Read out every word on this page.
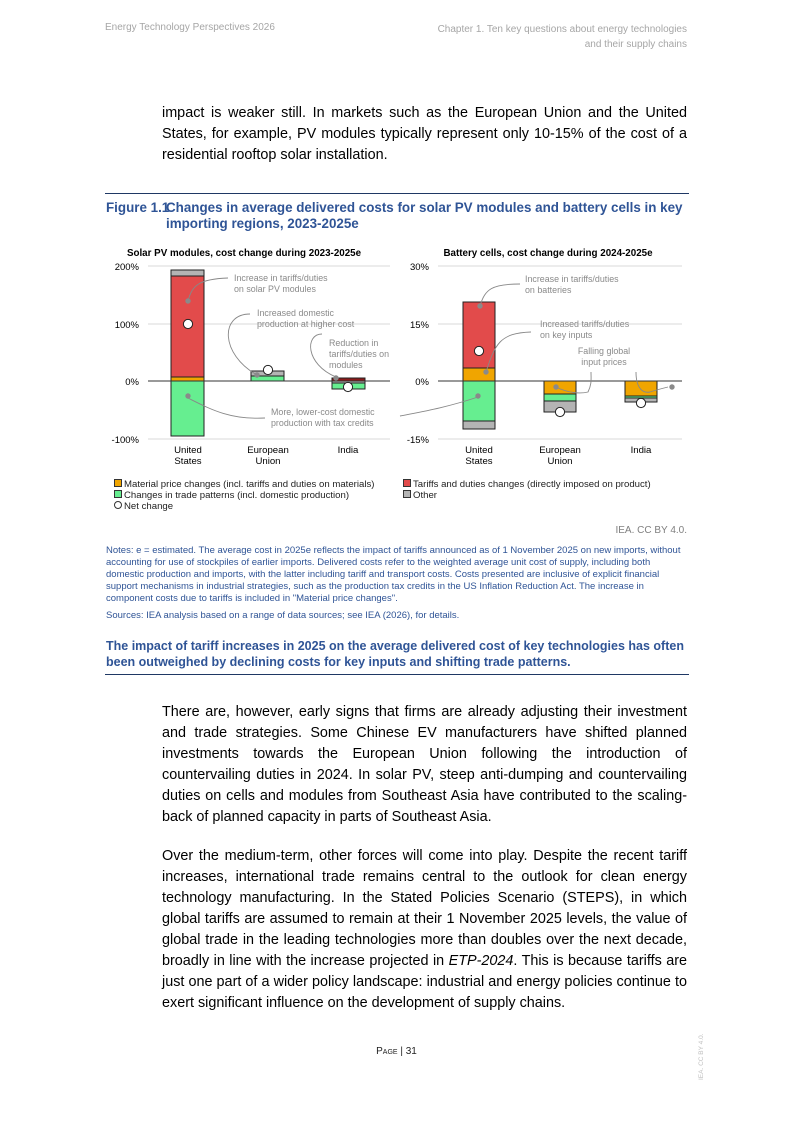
Energy Technology Perspectives 2026	Chapter 1. Ten key questions about energy technologies
and their supply chains
impact is weaker still. In markets such as the European Union and the United States, for example, PV modules typically represent only 10-15% of the cost of a residential rooftop solar installation.
Figure 1.1
Changes in average delivered costs for solar PV modules and battery cells in key importing regions, 2023-2025e
Solar PV modules, cost change during 2023-2025e
200%
100%
0%
-100%
Increase in tariffs/duties
on solar PV modules
Increased domestic
production at higher cost
Reduction in
tariffs/duties on
modules
More, lower-cost domestic
production with tax credits
United
States
European
Union
India
Battery cells, cost change during 2024-2025e
30%
15%
0%
-15%
Increase in tariffs/duties
on batteries
Increased tariffs/duties
on key inputs
Falling global
input prices
United
States
European
Union
India
Material price changes (incl. tariffs and duties on materials)	Tariffs and duties changes (directly imposed on product)
Changes in trade patterns (incl. domestic production)	Other
Net change
IEA. CC BY 4.0.
Notes: e = estimated. The average cost in 2025e reflects the impact of tariffs announced as of 1 November 2025 on new imports, without accounting for use of stockpiles of earlier imports. Delivered costs refer to the weighted average unit cost of supply, including both domestic production and imports, with the latter including tariff and transport costs. Costs presented are inclusive of explicit financial support mechanisms in industrial strategies, such as the production tax credits in the US Inflation Reduction Act. The increase in component costs due to tariffs is included in "Material price changes".
Sources: IEA analysis based on a range of data sources; see IEA (2026), for details.
The impact of tariff increases in 2025 on the average delivered cost of key technologies has often been outweighed by declining costs for key inputs and shifting trade patterns.
There are, however, early signs that firms are already adjusting their investment and trade strategies. Some Chinese EV manufacturers have shifted planned investments towards the European Union following the introduction of countervailing duties in 2024. In solar PV, steep anti-dumping and countervailing duties on cells and modules from Southeast Asia have contributed to the scaling-back of planned capacity in parts of Southeast Asia.
Over the medium-term, other forces will come into play. Despite the recent tariff increases, international trade remains central to the outlook for clean energy technology manufacturing. In the Stated Policies Scenario (STEPS), in which global tariffs are assumed to remain at their 1 November 2025 levels, the value of global trade in the leading technologies more than doubles over the next decade, broadly in line with the increase projected in ETP-2024. This is because tariffs are just one part of a wider policy landscape: industrial and energy policies continue to exert significant influence on the development of supply chains.
Page | 31	IEA. CC BY 4.0.
